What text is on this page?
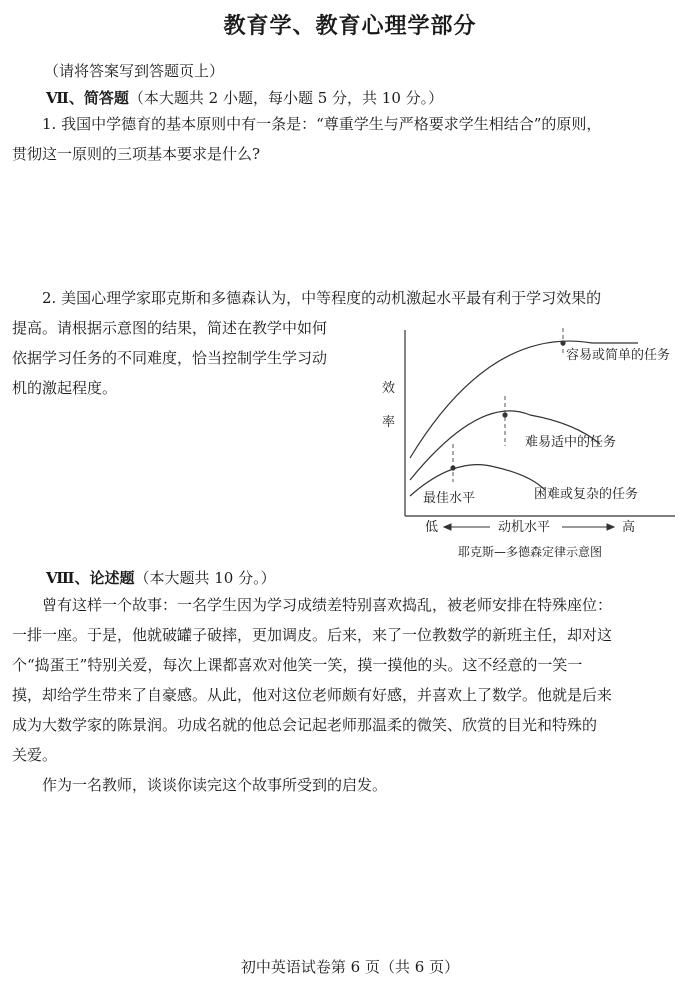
教育学、教育心理学部分
（请将答案写到答题页上）
Ⅶ、简答题（本大题共 2 小题，每小题 5 分，共 10 分。）
1. 我国中学德育的基本原则中有一条是：“尊重学生与严格要求学生相结合”的原则，
贯彻这一原则的三项基本要求是什么?
2. 美国心理学家耶克斯和多德森认为，中等程度的动机激起水平最有利于学习效果的
提高。请根据示意图的结果，简述在教学中如何
依据学习任务的不同难度，恰当控制学生学习动
机的激起程度。	效
率
容易或简单的任务
难易适中的任务
困难或复杂的任务
最佳水平
低	动机水平	高
耶克斯—多德森定律示意图
Ⅷ、论述题（本大题共 10 分。）
曾有这样一个故事：一名学生因为学习成绩差特别喜欢捣乱，被老师安排在特殊座位：
一排一座。于是，他就破罐子破摔，更加调皮。后来，来了一位教数学的新班主任，却对这
个“捣蛋王”特别关爱，每次上课都喜欢对他笑一笑，摸一摸他的头。这不经意的一笑一
摸，却给学生带来了自豪感。从此，他对这位老师颇有好感，并喜欢上了数学。他就是后来
成为大数学家的陈景润。功成名就的他总会记起老师那温柔的微笑、欣赏的目光和特殊的
关爱。
作为一名教师，谈谈你读完这个故事所受到的启发。
初中英语试卷第 6 页（共 6 页）
